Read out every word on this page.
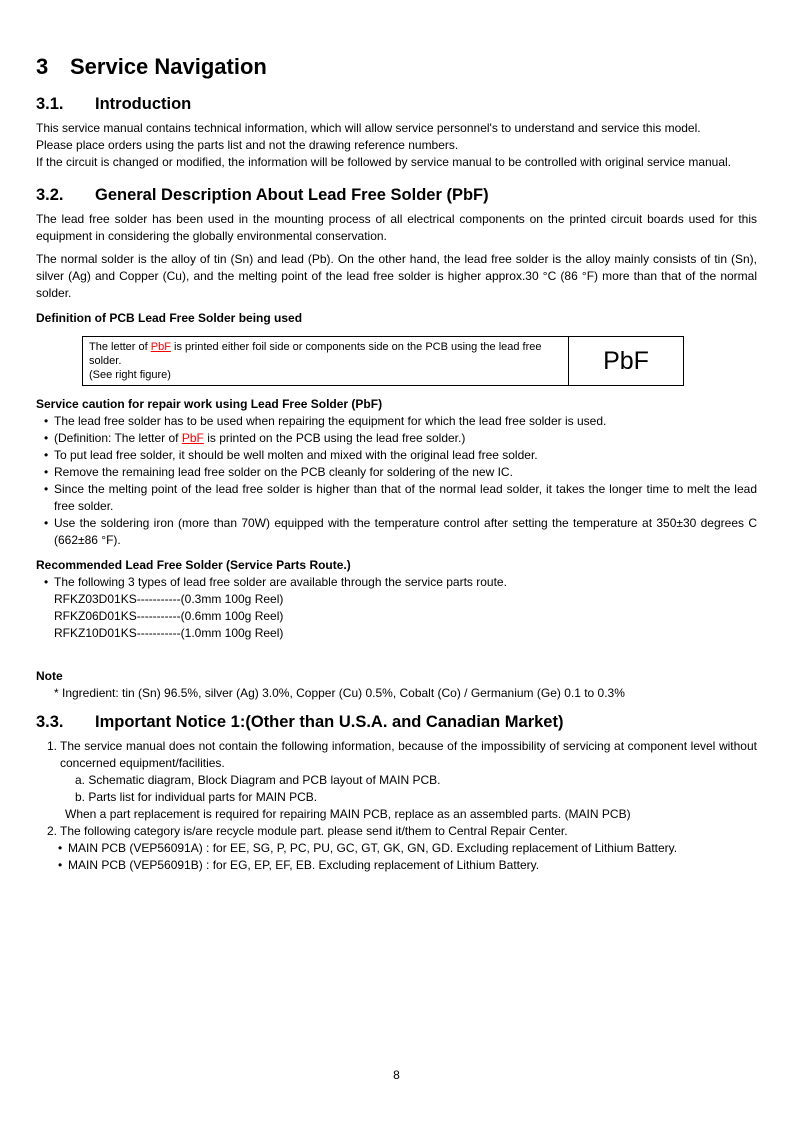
3 Service Navigation
3.1. Introduction

This service manual contains technical information, which will allow service personnel's to understand and service this model.

Please place orders using the parts list and not the drawing reference numbers.

If the circuit is changed or modified, the information will be followed by service manual to be controlled with original service manual.

3.2. General Description About Lead Free Solder (PbF)

The lead free solder has been used in the mounting process of all electrical components on the printed circuit boards used for this equipment in considering the globally environmental conservation.

The normal solder is the alloy of tin (Sn) and lead (Pb). On the other hand, the lead free solder is the alloy mainly consists of tin (Sn), silver (Ag) and Copper (Cu), and the melting point of the lead free solder is higher approx.30 °C (86 °F) more than that of the normal solder.

Definition of PCB Lead Free Solder being used

The letter of PbF is printed either foil side or components side on the PCB using the lead free solder.
(See right figure)
PbF

Service caution for repair work using Lead Free Solder (PbF)

• The lead free solder has to be used when repairing the equipment for which the lead free solder is used.
• (Definition: The letter of PbF is printed on the PCB using the lead free solder.)
• To put lead free solder, it should be well molten and mixed with the original lead free solder.
• Remove the remaining lead free solder on the PCB cleanly for soldering of the new IC.
• Since the melting point of the lead free solder is higher than that of the normal lead solder, it takes the longer time to melt the lead free solder.
• Use the soldering iron (more than 70W) equipped with the temperature control after setting the temperature at 350±30 degrees C (662±86 °F).

Recommended Lead Free Solder (Service Parts Route.)

• The following 3 types of lead free solder are available through the service parts route.

RFKZ03D01KS-----------(0.3mm 100g Reel)

RFKZ06D01KS-----------(0.6mm 100g Reel)

RFKZ10D01KS-----------(1.0mm 100g Reel)

Note

* Ingredient: tin (Sn) 96.5%, silver (Ag) 3.0%, Copper (Cu) 0.5%, Cobalt (Co) / Germanium (Ge) 0.1 to 0.3%

3.3. Important Notice 1:(Other than U.S.A. and Canadian Market)
1. The service manual does not contain the following information, because of the impossibility of servicing at component level without concerned equipment/facilities.

a. Schematic diagram, Block Diagram and PCB layout of MAIN PCB.

b. Parts list for individual parts for MAIN PCB.

When a part replacement is required for repairing MAIN PCB, replace as an assembled parts. (MAIN PCB)

2. The following category is/are recycle module part. please send it/them to Central Repair Center.
• MAIN PCB (VEP56091A) : for EE, SG, P, PC, PU, GC, GT, GK, GN, GD. Excluding replacement of Lithium Battery.
• MAIN PCB (VEP56091B) : for EG, EP, EF, EB. Excluding replacement of Lithium Battery.
8
